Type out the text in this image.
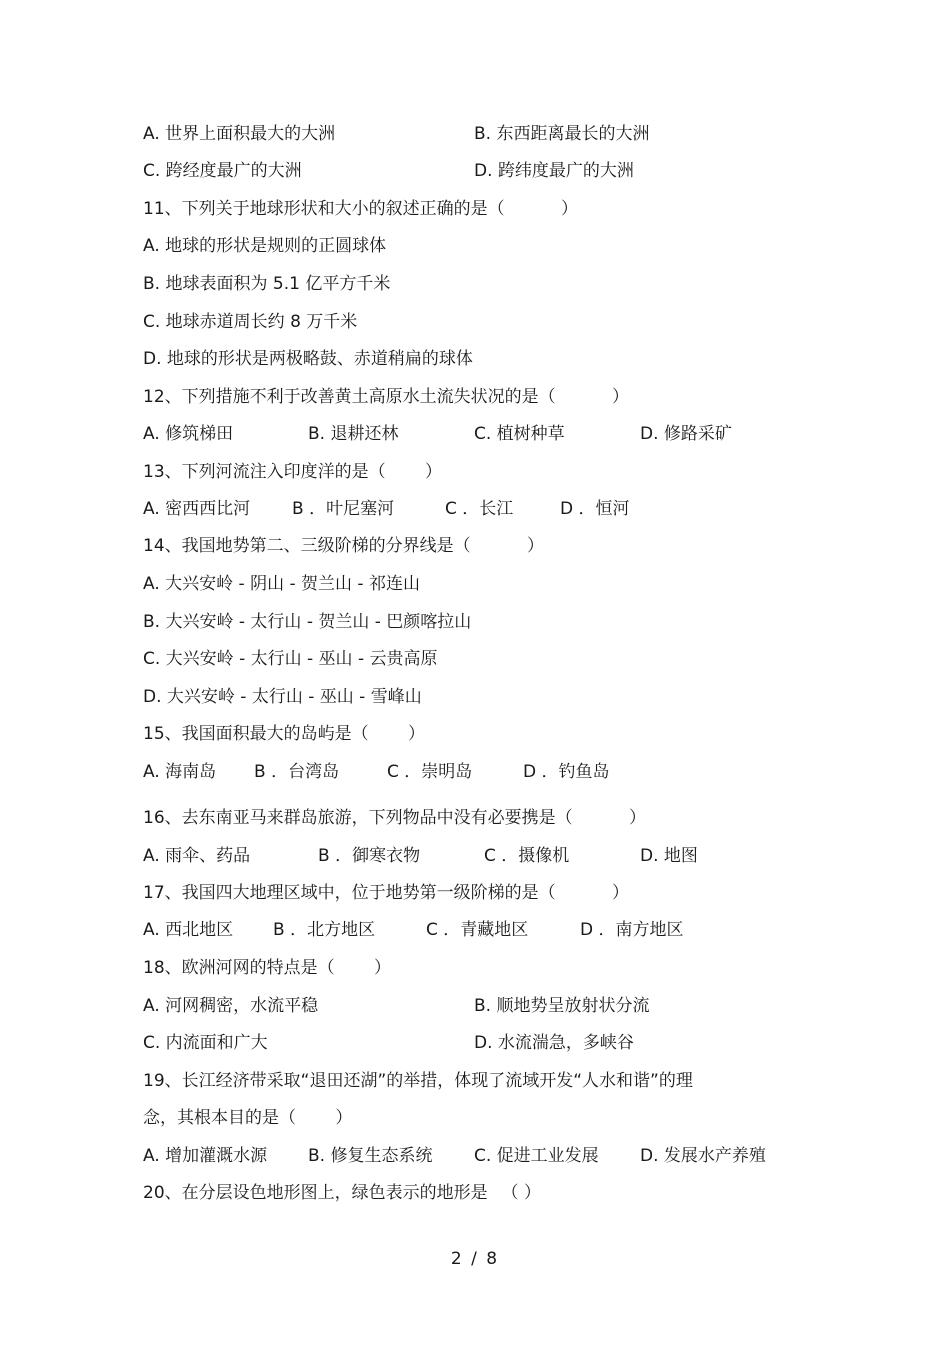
A. 世界上面积最大的大洲	B. 东西距离最长的大洲
C. 跨经度最广的大洲	D. 跨纬度最广的大洲
11、下列关于地球形状和大小的叙述正确的是（ 　　　）
A. 地球的形状是规则的正圆球体
B. 地球表面积为 5.1 亿平方千米
C. 地球赤道周长约 8 万千米
D. 地球的形状是两极略鼓、赤道稍扁的球体
12、下列措施不利于改善黄土高原水土流失状况的是（ 　　　）
A. 修筑梯田	B. 退耕还林	C. 植树种草	D. 修路采矿
13、下列河流注入印度洋的是（ 　　）
A. 密西西比河 B ．叶尼塞河	C ．长江	D ．恒河
14、我国地势第二、三级阶梯的分界线是（ 　　　）
A. 大兴安岭 - 阴山 - 贺兰山 - 祁连山
B. 大兴安岭 - 太行山 - 贺兰山 - 巴颜喀拉山
C. 大兴安岭 - 太行山 - 巫山 - 云贵高原
D. 大兴安岭 - 太行山 - 巫山 - 雪峰山
15、我国面积最大的岛屿是（ 　　）
A. 海南岛 B ．台湾岛	C ．崇明岛	D ．钓鱼岛
16、去东南亚马来群岛旅游，下列物品中没有必要携是（ 　　　）
A. 雨伞、药品	B ．御寒衣物	C ．摄像机	D. 地图
17、我国四大地理区域中，位于地势第一级阶梯的是（ 　　　）
A. 西北地区 B ．北方地区	C ．青藏地区	D ．南方地区
18、欧洲河网的特点是（ 　　）
A. 河网稠密，水流平稳	B. 顺地势呈放射状分流
C. 内流面和广大	D. 水流湍急，多峡谷
19、长江经济带采取“退田还湖”的举措，体现了流域开发“人水和谐”的理
念，其根本目的是（ 　　）
A. 增加灌溉水源 B. 修复生态系统 C. 促进工业发展 D. 发展水产养殖
20、在分层设色地形图上，绿色表示的地形是 　（ ）
2 / 8
